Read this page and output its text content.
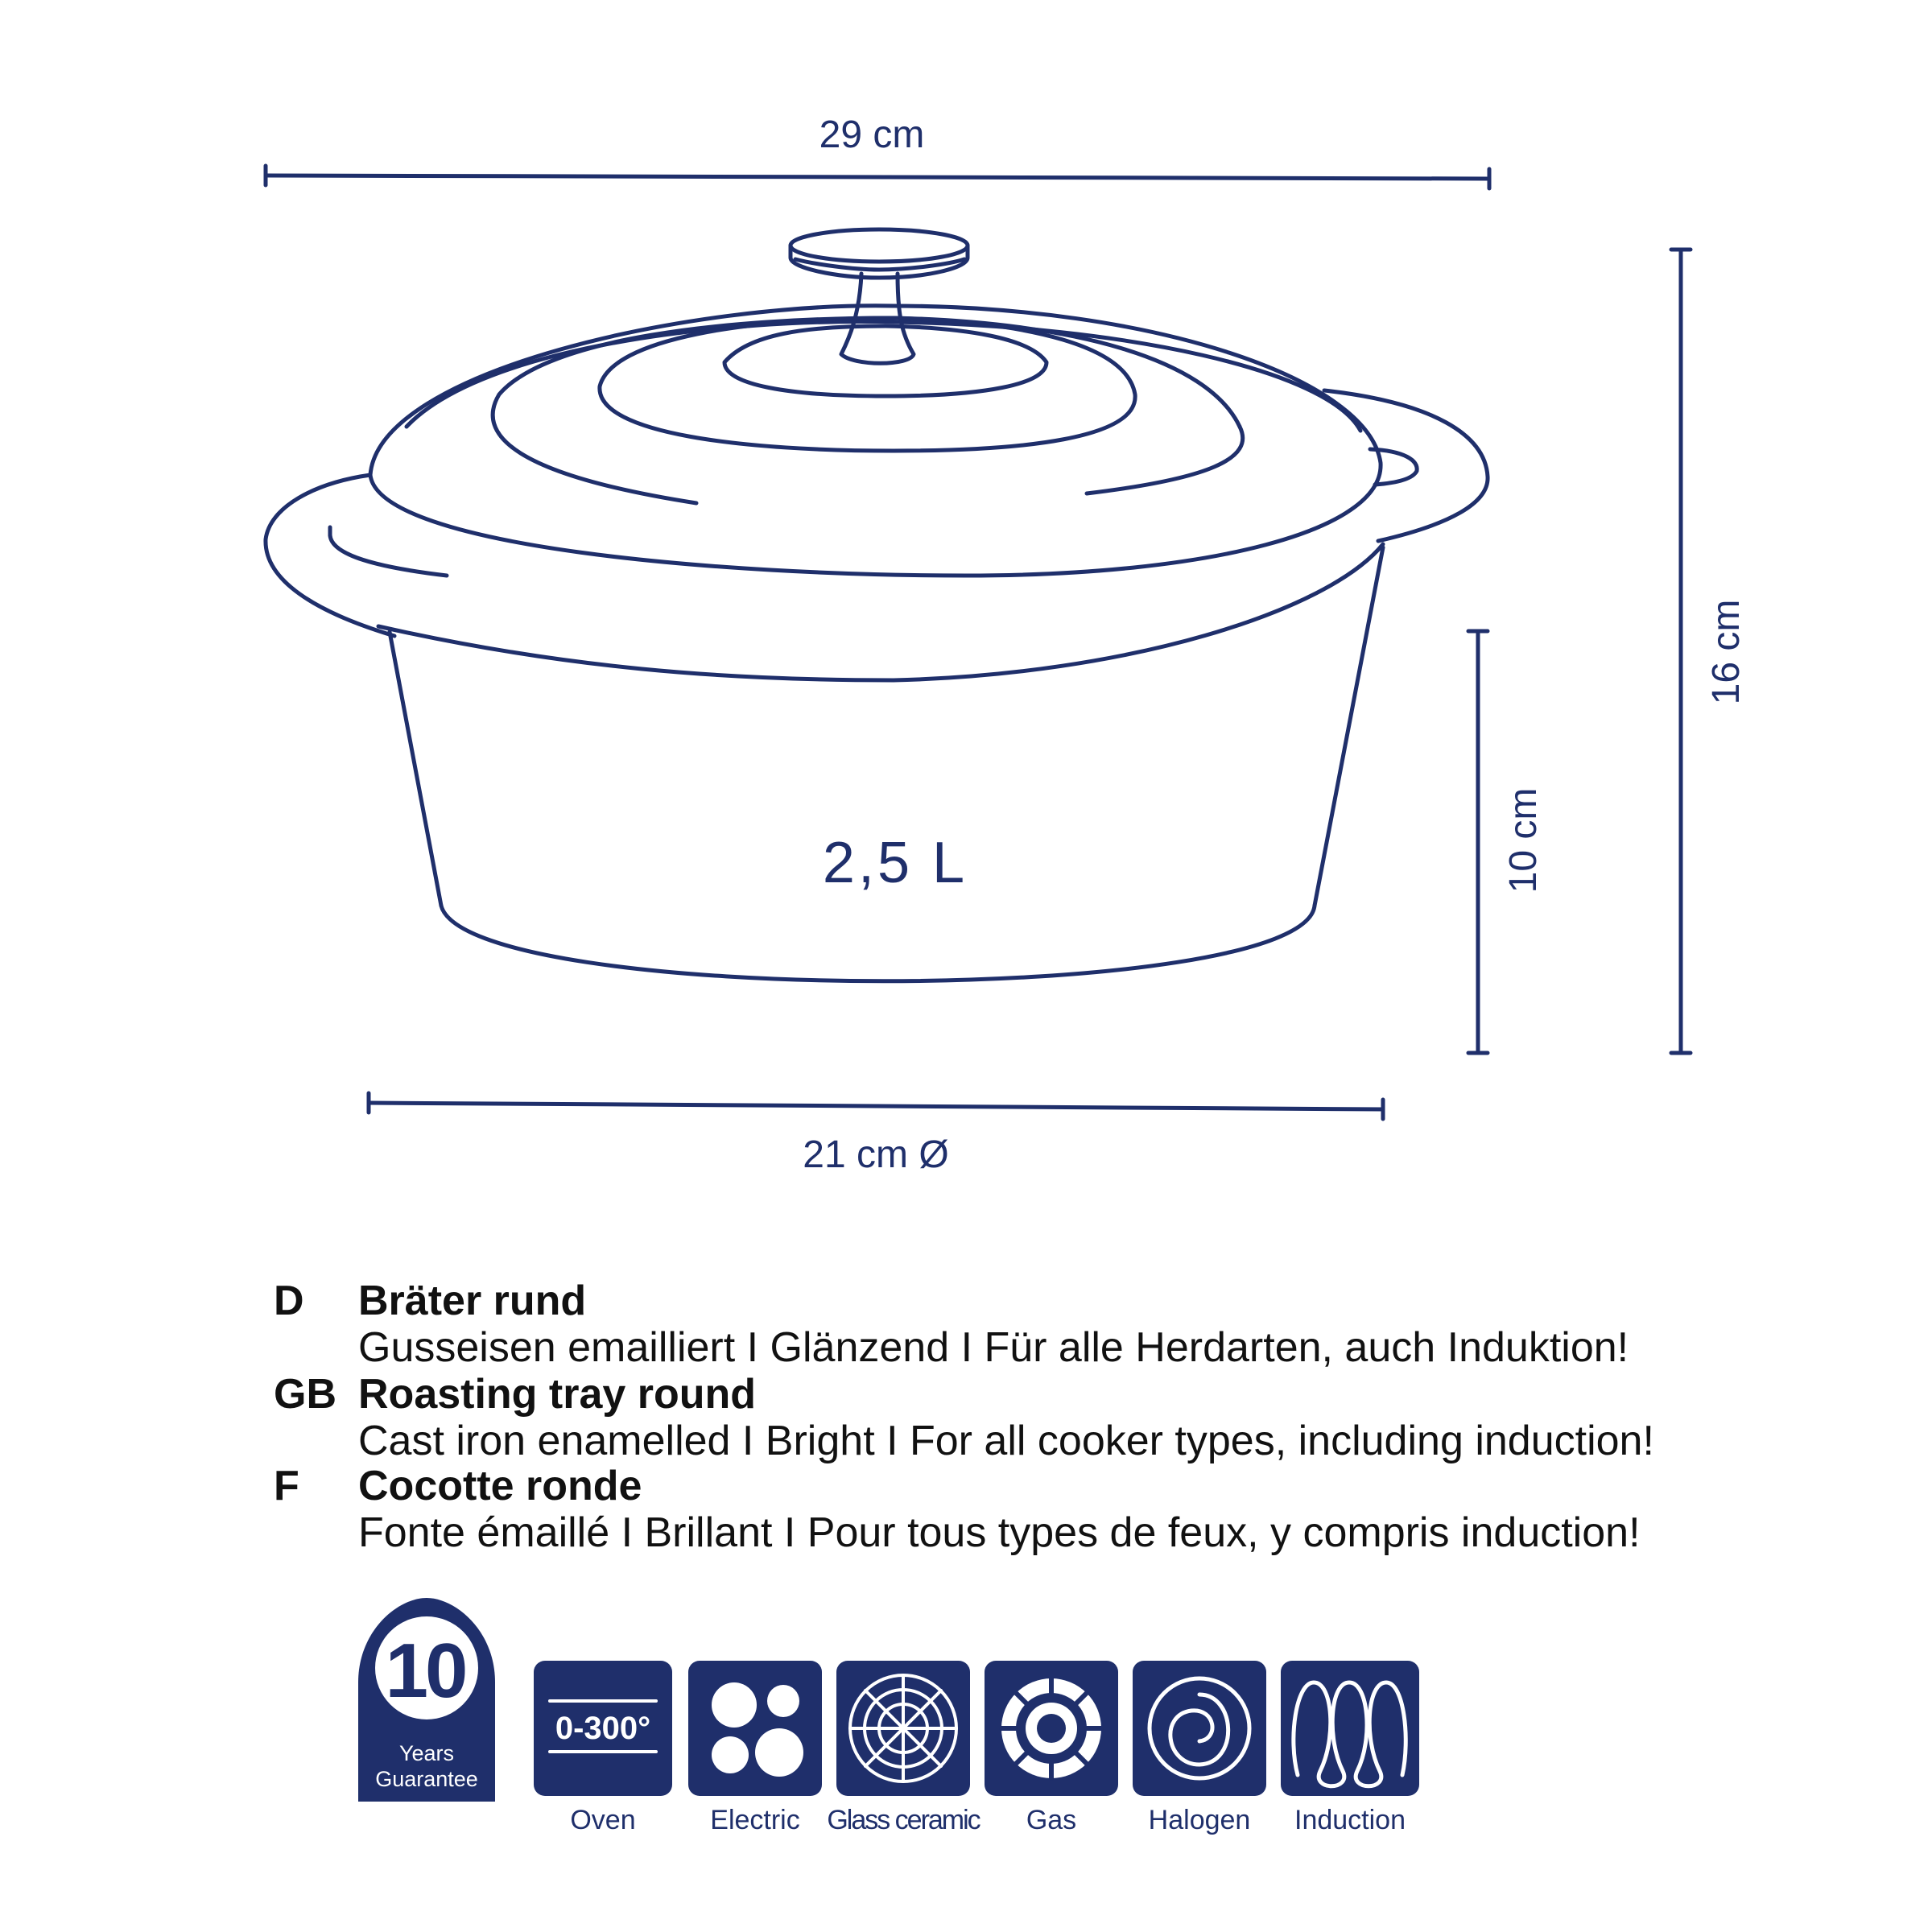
29 cm
16 cm
10 cm
21 cm Ø
2,5 L
10
Years
Guarantee
0-300°
Oven	Electric Glass ceramic Gas	Halogen Induction
D Bräter rund
Gusseisen emailliert I Glänzend I Für alle Herdarten, auch Induktion!
GB Roasting tray round
Cast iron enamelled I Bright I For all cooker types, including induction!
F Cocotte ronde
Fonte émaillé I Brillant I Pour tous types de feux, y compris induction!
